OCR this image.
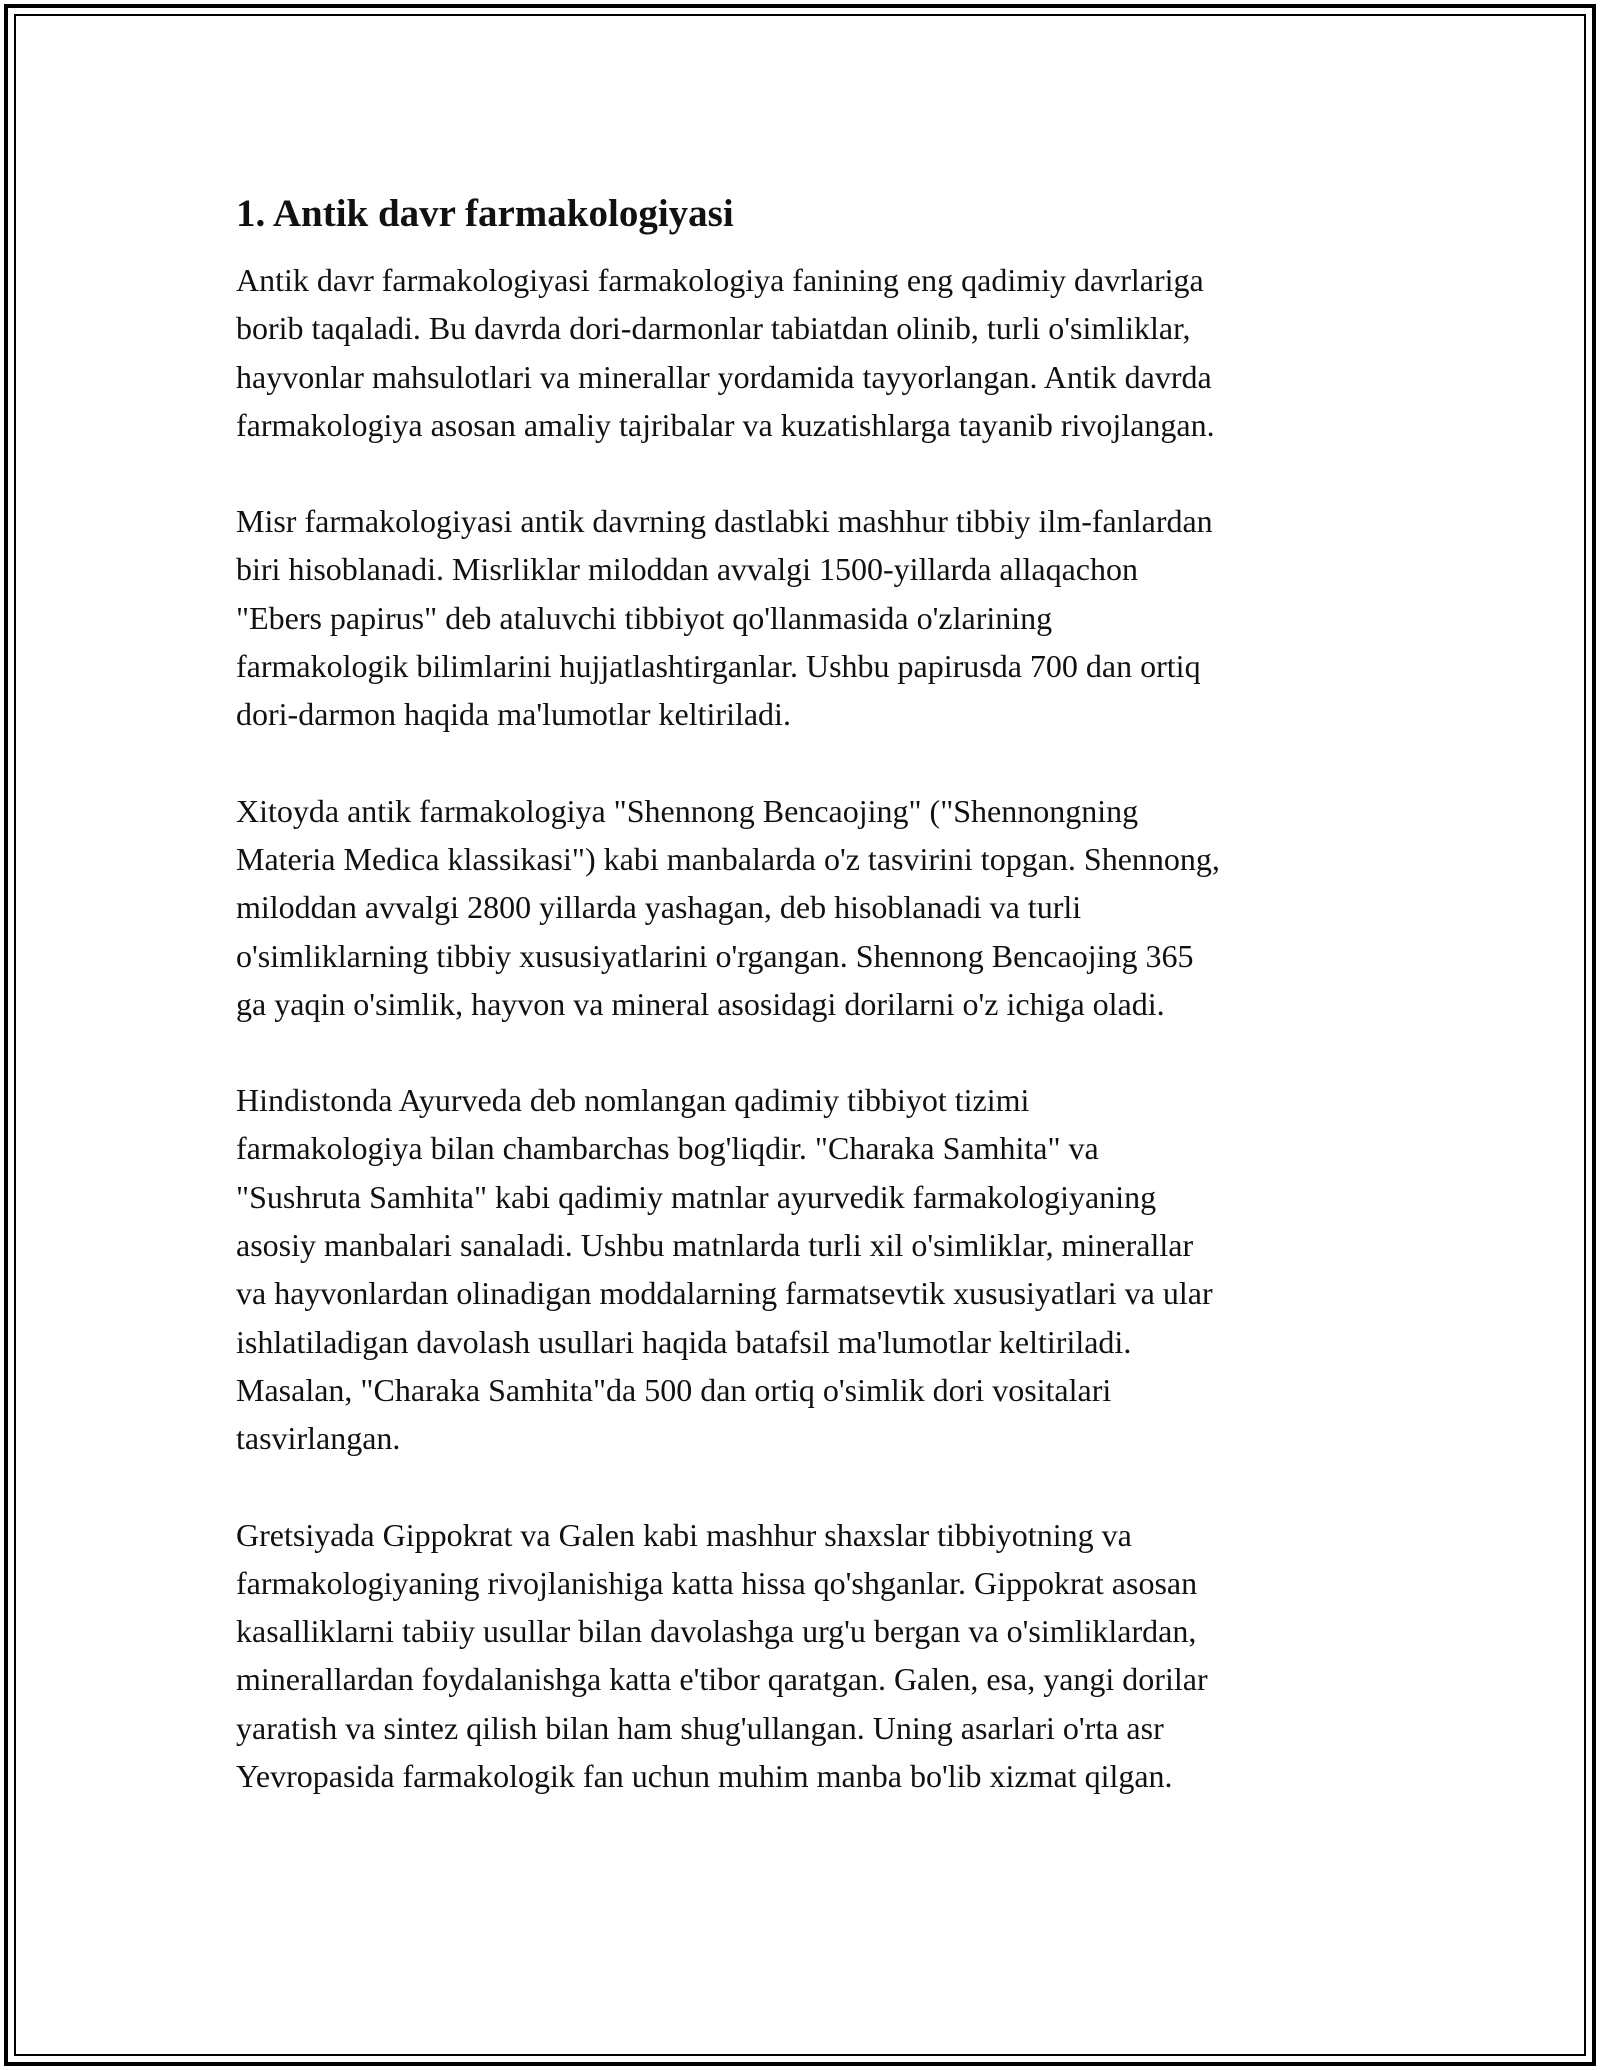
1. Antik davr farmakologiyasi

Antik davr farmakologiyasi farmakologiya fanining eng qadimiy davrlariga
borib taqaladi. Bu davrda dori-darmonlar tabiatdan olinib, turli o'simliklar,
hayvonlar mahsulotlari va minerallar yordamida tayyorlangan. Antik davrda
farmakologiya asosan amaliy tajribalar va kuzatishlarga tayanib rivojlangan.

Misr farmakologiyasi antik davrning dastlabki mashhur tibbiy ilm-fanlardan
biri hisoblanadi. Misrliklar miloddan avvalgi 1500-yillarda allaqachon
"Ebers papirus" deb ataluvchi tibbiyot qo'llanmasida o'zlarining
farmakologik bilimlarini hujjatlashtirganlar. Ushbu papirusda 700 dan ortiq
dori-darmon haqida ma'lumotlar keltiriladi.

Xitoyda antik farmakologiya "Shennong Bencaojing" ("Shennongning
Materia Medica klassikasi") kabi manbalarda o'z tasvirini topgan. Shennong,
miloddan avvalgi 2800 yillarda yashagan, deb hisoblanadi va turli
o'simliklarning tibbiy xususiyatlarini o'rgangan. Shennong Bencaojing 365
ga yaqin o'simlik, hayvon va mineral asosidagi dorilarni o'z ichiga oladi.

Hindistonda Ayurveda deb nomlangan qadimiy tibbiyot tizimi
farmakologiya bilan chambarchas bog'liqdir. "Charaka Samhita" va
"Sushruta Samhita" kabi qadimiy matnlar ayurvedik farmakologiyaning
asosiy manbalari sanaladi. Ushbu matnlarda turli xil o'simliklar, minerallar
va hayvonlardan olinadigan moddalarning farmatsevtik xususiyatlari va ular
ishlatiladigan davolash usullari haqida batafsil ma'lumotlar keltiriladi.
Masalan, "Charaka Samhita"da 500 dan ortiq o'simlik dori vositalari
tasvirlangan.

Gretsiyada Gippokrat va Galen kabi mashhur shaxslar tibbiyotning va
farmakologiyaning rivojlanishiga katta hissa qo'shganlar. Gippokrat asosan
kasalliklarni tabiiy usullar bilan davolashga urg'u bergan va o'simliklardan,
minerallardan foydalanishga katta e'tibor qaratgan. Galen, esa, yangi dorilar
yaratish va sintez qilish bilan ham shug'ullangan. Uning asarlari o'rta asr
Yevropasida farmakologik fan uchun muhim manba bo'lib xizmat qilgan.
